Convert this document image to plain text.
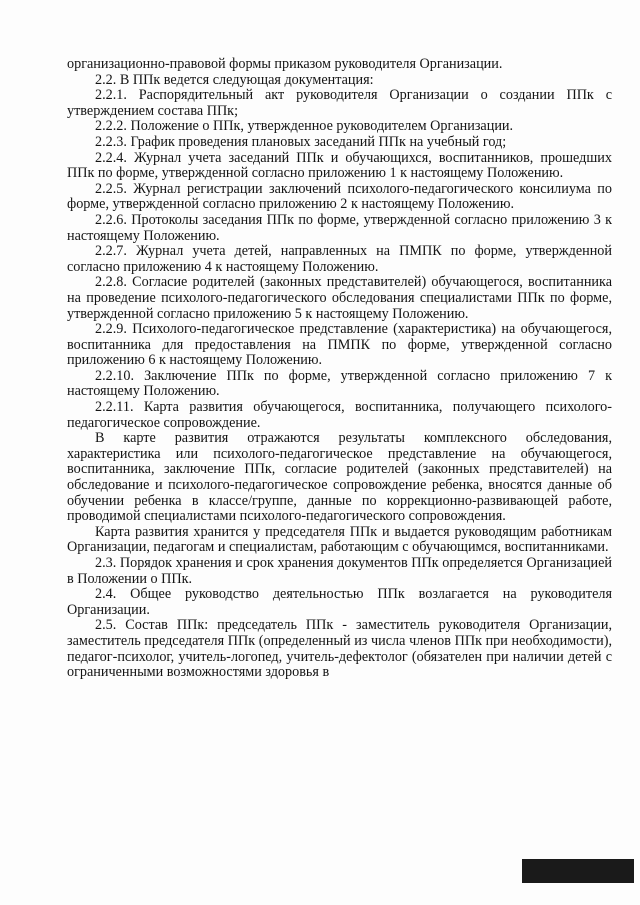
организационно-правовой формы приказом руководителя Организации.

2.2. В ППк ведется следующая документация:

2.2.1. Распорядительный акт руководителя Организации о создании ППк с утверждением состава ППк;

2.2.2. Положение о ППк, утвержденное руководителем Организации.

2.2.3. График проведения плановых заседаний ППк на учебный год;

2.2.4. Журнал учета заседаний ППк и обучающихся, воспитанников, прошедших ППк по форме, утвержденной согласно приложению 1 к настоящему Положению.

2.2.5. Журнал регистрации заключений психолого-педагогического консилиума по форме, утвержденной согласно приложению 2 к настоящему Положению.

2.2.6. Протоколы заседания ППк по форме, утвержденной согласно приложению 3 к настоящему Положению.

2.2.7. Журнал учета детей, направленных на ПМПК по форме, утвержденной согласно приложению 4 к настоящему Положению.

2.2.8. Согласие родителей (законных представителей) обучающегося, воспитанника на проведение психолого-педагогического обследования специалистами ППк по форме, утвержденной согласно приложению 5 к настоящему Положению.

2.2.9. Психолого-педагогическое представление (характеристика) на обучающегося, воспитанника для предоставления на ПМПК по форме, утвержденной согласно приложению 6 к настоящему Положению.

2.2.10. Заключение ППк по форме, утвержденной согласно приложению 7 к настоящему Положению.

2.2.11. Карта развития обучающегося, воспитанника, получающего психолого-педагогическое сопровождение.

В карте развития отражаются результаты комплексного обследования, характеристика или психолого-педагогическое представление на обучающегося, воспитанника, заключение ППк, согласие родителей (законных представителей) на обследование и психолого-педагогическое сопровождение ребенка, вносятся данные об обучении ребенка в классе/группе, данные по коррекционно-развивающей работе, проводимой специалистами психолого-педагогического сопровождения.

Карта развития хранится у председателя ППк и выдается руководящим работникам Организации, педагогам и специалистам, работающим с обучающимся, воспитанниками.

2.3. Порядок хранения и срок хранения документов ППк определяется Организацией в Положении о ППк.

2.4. Общее руководство деятельностью ППк возлагается на руководителя Организации.

2.5. Состав ППк: председатель ППк - заместитель руководителя Организации, заместитель председателя ППк (определенный из числа членов ППк при необходимости), педагог-психолог, учитель-логопед, учитель-дефектолог (обязателен при наличии детей с ограниченными возможностями здоровья в
